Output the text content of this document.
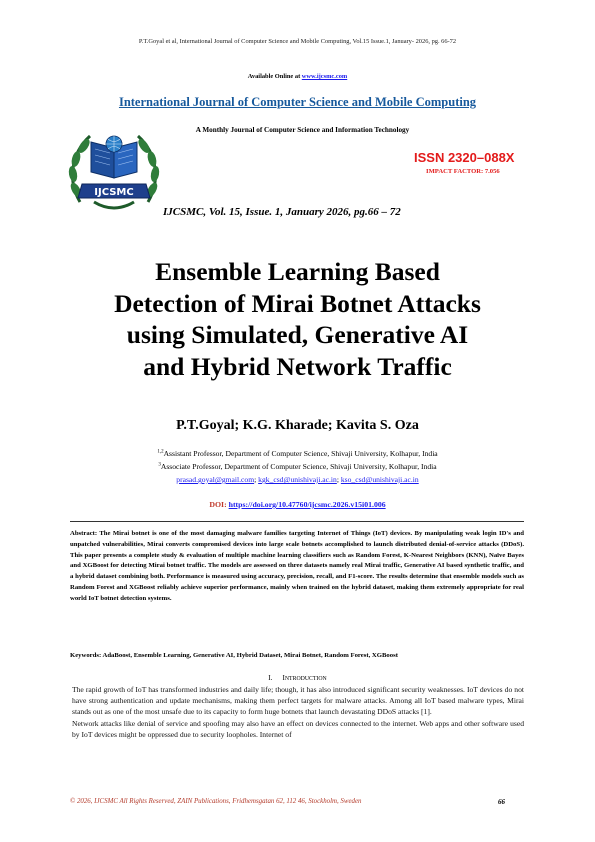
P.T.Goyal et al, International Journal of Computer Science and Mobile Computing, Vol.15 Issue.1, January- 2026, pg. 66-72
Available Online at www.ijcsmc.com
International Journal of Computer Science and Mobile Computing
A Monthly Journal of Computer Science and Information Technology
IJCSMC
ISSN 2320–088X
IMPACT FACTOR: 7.056
IJCSMC, Vol. 15, Issue. 1, January 2026, pg.66 – 72
Ensemble Learning Based
Detection of Mirai Botnet Attacks
using Simulated, Generative AI
and Hybrid Network Traffic
P.T.Goyal; K.G. Kharade; Kavita S. Oza
$^{1,2}$Assistant Professor, Department of Computer Science, Shivaji University, Kolhapur, India
$^3$Associate Professor, Department of Computer Science, Shivaji University, Kolhapur, India
prasad.goyal@gmail.com; kgk_csd@unishivaji.ac.in; kso_csd@unishivaji.ac.in
DOI: https://doi.org/10.47760/ijcsmc.2026.v15i01.006
Abstract: The Mirai botnet is one of the most damaging malware families targeting Internet of Things (IoT) devices. By manipulating weak login ID's and unpatched vulnerabilities, Mirai converts compromised devices into large scale botnets accomplished to launch distributed denial-of-service attacks (DDoS). This paper presents a complete study & evaluation of multiple machine learning classifiers such as Random Forest, K-Nearest Neighbors (KNN), Naïve Bayes and XGBoost for detecting Mirai botnet traffic. The models are assessed on three datasets namely real Mirai traffic, Generative AI based synthetic traffic, and a hybrid dataset combining both. Performance is measured using accuracy, precision, recall, and F1-score. The results determine that ensemble models such as Random Forest and XGBoost reliably achieve superior performance, mainly when trained on the hybrid dataset, making them extremely appropriate for real world IoT botnet detection systems.
Keywords: AdaBoost, Ensemble Learning, Generative AI, Hybrid Dataset, Mirai Botnet, Random Forest, XGBoost
I. INTRODUCTION

The rapid growth of IoT has transformed industries and daily life; though, it has also introduced significant security weaknesses. IoT devices do not have strong authentication and update mechanisms, making them perfect targets for malware attacks. Among all IoT based malware types, Mirai stands out as one of the most unsafe due to its capacity to form huge botnets that launch devastating DDoS attacks [1].

Network attacks like denial of service and spoofing may also have an effect on devices connected to the internet. Web apps and other software used by IoT devices might be oppressed due to security loopholes. Internet of

© 2026, IJCSMC All Rights Reserved, ZAIN Publications, Fridhemsgatan 62, 112 46, Stockholm, Sweden	66
